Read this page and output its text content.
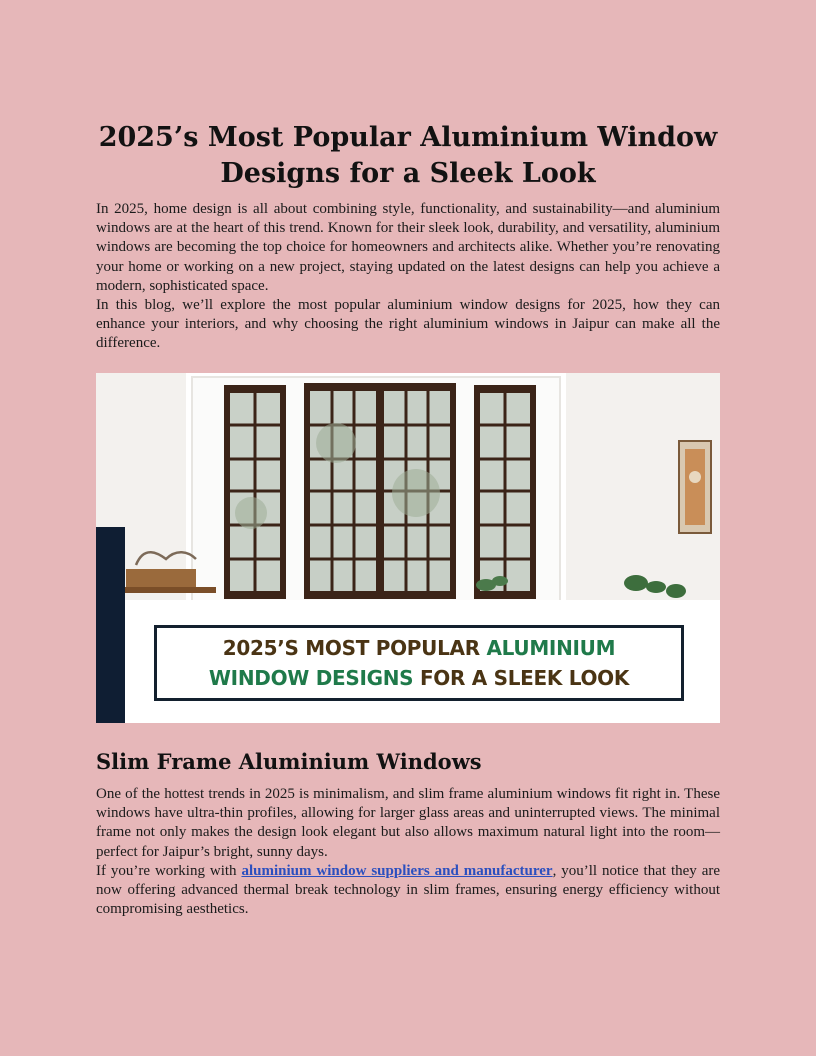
2025’s Most Popular Aluminium Window Designs for a Sleek Look

In 2025, home design is all about combining style, functionality, and sustainability—and aluminium windows are at the heart of this trend. Known for their sleek look, durability, and versatility, aluminium windows are becoming the top choice for homeowners and architects alike. Whether you’re renovating your home or working on a new project, staying updated on the latest designs can help you achieve a modern, sophisticated space.

In this blog, we’ll explore the most popular aluminium window designs for 2025, how they can enhance your interiors, and why choosing the right aluminium windows in Jaipur can make all the difference.

2025’S MOST POPULAR ALUMINIUM
WINDOW DESIGNS FOR A SLEEK LOOK
Slim Frame Aluminium Windows

One of the hottest trends in 2025 is minimalism, and slim frame aluminium windows fit right in. These windows have ultra-thin profiles, allowing for larger glass areas and uninterrupted views. The minimal frame not only makes the design look elegant but also allows maximum natural light into the room—perfect for Jaipur’s bright, sunny days.

If you’re working with aluminium window suppliers and manufacturer, you’ll notice that they are now offering advanced thermal break technology in slim frames, ensuring energy efficiency without compromising aesthetics.
